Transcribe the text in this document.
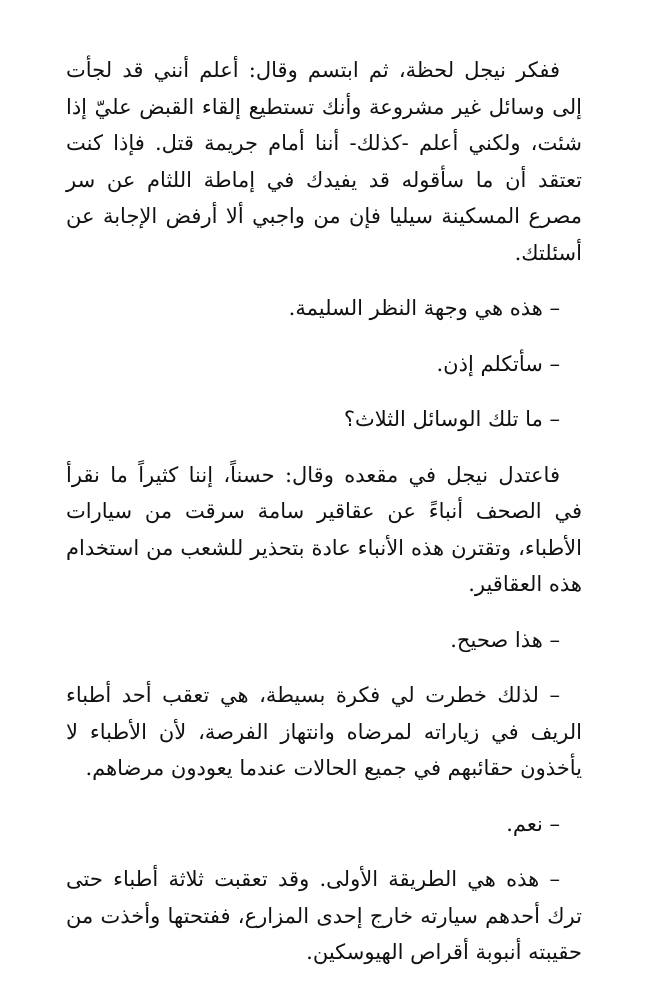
ففكر نيجل لحظة، ثم ابتسم وقال: أعلم أنني قد لجأت إلى وسائل غير مشروعة وأنك تستطيع إلقاء القبض عليّ إذا شئت، ولكني أعلم -كذلك- أننا أمام جريمة قتل. فإذا كنت تعتقد أن ما سأقوله قد يفيدك في إماطة اللثام عن سر مصرع المسكينة سيليا فإن من واجبي ألا أرفض الإجابة عن أسئلتك.

– هذه هي وجهة النظر السليمة.

– سأتكلم إذن.

– ما تلك الوسائل الثلاث؟

فاعتدل نيجل في مقعده وقال: حسناً، إننا كثيراً ما نقرأ في الصحف أنباءً عن عقاقير سامة سرقت من سيارات الأطباء، وتقترن هذه الأنباء عادة بتحذير للشعب من استخدام هذه العقاقير.

– هذا صحيح.

– لذلك خطرت لي فكرة بسيطة، هي تعقب أحد أطباء الريف في زياراته لمرضاه وانتهاز الفرصة، لأن الأطباء لا يأخذون حقائبهم في جميع الحالات عندما يعودون مرضاهم.

– نعم.

– هذه هي الطريقة الأولى. وقد تعقبت ثلاثة أطباء حتى ترك أحدهم سيارته خارج إحدى المزارع، ففتحتها وأخذت من حقيبته أنبوبة أقراص الهيوسكين.
